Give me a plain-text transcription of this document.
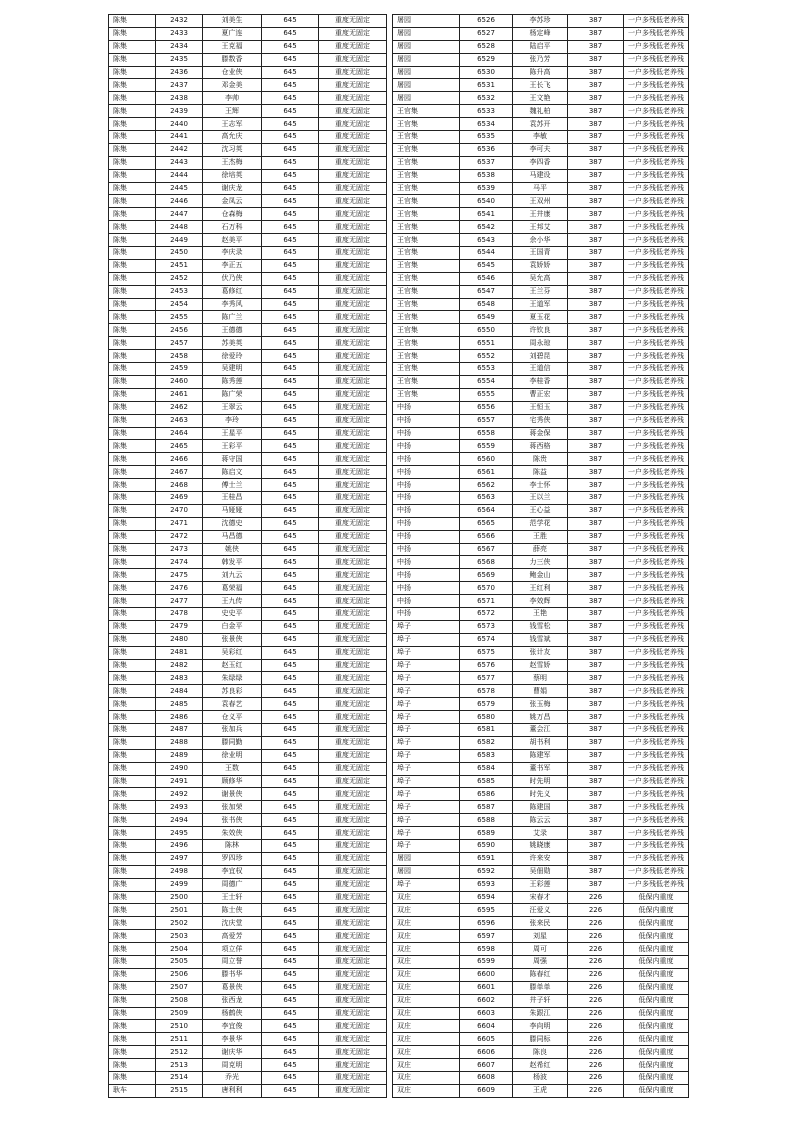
陈集	2432	刘美生	645	重度无固定
陈集	2433	夏广连	645	重度无固定
陈集	2434	王克福	645	重度无固定
陈集	2435	滕数香	645	重度无固定
陈集	2436	仓业侠	645	重度无固定
陈集	2437	邓金美	645	重度无固定
陈集	2438	李帅	645	重度无固定
陈集	2439	王辉	645	重度无固定
陈集	2440	王志军	645	重度无固定
陈集	2441	高允庆	645	重度无固定
陈集	2442	沈习英	645	重度无固定
陈集	2443	王杰梅	645	重度无固定
陈集	2444	徐培英	645	重度无固定
陈集	2445	谢庆龙	645	重度无固定
陈集	2446	金凤云	645	重度无固定
陈集	2447	仓森梅	645	重度无固定
陈集	2448	石万科	645	重度无固定
陈集	2449	赵美平	645	重度无固定
陈集	2450	李庆录	645	重度无固定
陈集	2451	李正五	645	重度无固定
陈集	2452	伏乃侠	645	重度无固定
陈集	2453	葛修红	645	重度无固定
陈集	2454	李秀风	645	重度无固定
陈集	2455	陈广兰	645	重度无固定
陈集	2456	王德德	645	重度无固定
陈集	2457	苏美英	645	重度无固定
陈集	2458	徐爱玲	645	重度无固定
陈集	2459	吴建明	645	重度无固定
陈集	2460	陈秀莲	645	重度无固定
陈集	2461	陈广荣	645	重度无固定
陈集	2462	王翠云	645	重度无固定
陈集	2463	李玲	645	重度无固定
陈集	2464	王星平	645	重度无固定
陈集	2465	王彩平	645	重度无固定
陈集	2466	蒋守国	645	重度无固定
陈集	2467	陈启文	645	重度无固定
陈集	2468	傅士兰	645	重度无固定
陈集	2469	王桂昌	645	重度无固定
陈集	2470	马娅娅	645	重度无固定
陈集	2471	沈德史	645	重度无固定
陈集	2472	马昌德	645	重度无固定
陈集	2473	姚侠	645	重度无固定
陈集	2474	韩发平	645	重度无固定
陈集	2475	刘九云	645	重度无固定
陈集	2476	葛荣福	645	重度无固定
陈集	2477	王九传	645	重度无固定
陈集	2478	史史平	645	重度无固定
陈集	2479	白金平	645	重度无固定
陈集	2480	张景侠	645	重度无固定
陈集	2481	吴彩红	645	重度无固定
陈集	2482	赵玉红	645	重度无固定
陈集	2483	朱绿绿	645	重度无固定
陈集	2484	苏良彩	645	重度无固定
陈集	2485	袁春艺	645	重度无固定
陈集	2486	仓义平	645	重度无固定
陈集	2487	张加兵	645	重度无固定
陈集	2488	滕同勤	645	重度无固定
陈集	2489	徐业明	645	重度无固定
陈集	2490	王数	645	重度无固定
陈集	2491	顾修华	645	重度无固定
陈集	2492	谢景侠	645	重度无固定
陈集	2493	张加荣	645	重度无固定
陈集	2494	张书侠	645	重度无固定
陈集	2495	朱效侠	645	重度无固定
陈集	2496	陈林	645	重度无固定
陈集	2497	罗四珍	645	重度无固定
陈集	2498	李宜权	645	重度无固定
陈集	2499	周德广	645	重度无固定
陈集	2500	王士轩	645	重度无固定
陈集	2501	陈士侠	645	重度无固定
陈集	2502	沈庆堂	645	重度无固定
陈集	2503	高爱芳	645	重度无固定
陈集	2504	项立佯	645	重度无固定
陈集	2505	周立誉	645	重度无固定
陈集	2506	滕书华	645	重度无固定
陈集	2507	葛景侠	645	重度无固定
陈集	2508	张西龙	645	重度无固定
陈集	2509	杨鹤侠	645	重度无固定
陈集	2510	李宜俊	645	重度无固定
陈集	2511	李景华	645	重度无固定
陈集	2512	谢庆华	645	重度无固定
陈集	2513	周克明	645	重度无固定
陈集	2514	乔光	645	重度无固定
耿车	2515	唐利利	645	重度无固定
屠园	6526	李苏珍	387	一户多残低老养残
屠园	6527	杨定峰	387	一户多残低老养残
屠园	6528	陆启平	387	一户多残低老养残
屠园	6529	张乃芳	387	一户多残低老养残
屠园	6530	陈升高	387	一户多残低老养残
屠园	6531	王长飞	387	一户多残低老养残
屠园	6532	王文艳	387	一户多残低老养残
王官集	6533	魏礼柏	387	一户多残低老养残
王官集	6534	袁苏开	387	一户多残低老养残
王官集	6535	李敏	387	一户多残低老养残
王官集	6536	李可夫	387	一户多残低老养残
王官集	6537	李四香	387	一户多残低老养残
王官集	6538	马建设	387	一户多残低老养残
王官集	6539	马平	387	一户多残低老养残
王官集	6540	王双州	387	一户多残低老养残
王官集	6541	王井康	387	一户多残低老养残
王官集	6542	王邦艾	387	一户多残低老养残
王官集	6543	余小华	387	一户多残低老养残
王官集	6544	王国青	387	一户多残低老养残
王官集	6545	袁娇娇	387	一户多残低老养残
王官集	6546	吴允高	387	一户多残低老养残
王官集	6547	王兰芬	387	一户多残低老养残
王官集	6548	王道军	387	一户多残低老养残
王官集	6549	夏玉花	387	一户多残低老养残
王官集	6550	许钦良	387	一户多残低老养残
王官集	6551	周永琼	387	一户多残低老养残
王官集	6552	刘碧昆	387	一户多残低老养残
王官集	6553	王道信	387	一户多残低老养残
王官集	6554	李桂香	387	一户多残低老养残
王官集	6555	曹正宏	387	一户多残低老养残
中扬	6556	王恒玉	387	一户多残低老养残
中扬	6557	宅秀侠	387	一户多残低老养残
中扬	6558	蒋金保	387	一户多残低老养残
中扬	6559	蒋西格	387	一户多残低老养残
中扬	6560	陈贵	387	一户多残低老养残
中扬	6561	陈益	387	一户多残低老养残
中扬	6562	李士怀	387	一户多残低老养残
中扬	6563	王以兰	387	一户多残低老养残
中扬	6564	王心益	387	一户多残低老养残
中扬	6565	范学花	387	一户多残低老养残
中扬	6566	王胜	387	一户多残低老养残
中扬	6567	薛亮	387	一户多残低老养残
中扬	6568	力三侠	387	一户多残低老养残
中扬	6569	鲍金山	387	一户多残低老养残
中扬	6570	王红利	387	一户多残低老养残
中扬	6571	李效辉	387	一户多残低老养残
中扬	6572	王艳	387	一户多残低老养残
埠子	6573	钱雪松	387	一户多残低老养残
埠子	6574	钱雪斌	387	一户多残低老养残
埠子	6575	张计友	387	一户多残低老养残
埠子	6576	赵雪娇	387	一户多残低老养残
埠子	6577	蔡明	387	一户多残低老养残
埠子	6578	曹娟	387	一户多残低老养残
埠子	6579	张玉梅	387	一户多残低老养残
埠子	6580	姚万昌	387	一户多残低老养残
埠子	6581	董会江	387	一户多残低老养残
埠子	6582	胡书利	387	一户多残低老养残
埠子	6583	陈建军	387	一户多残低老养残
埠子	6584	董书军	387	一户多残低老养残
埠子	6585	时先明	387	一户多残低老养残
埠子	6586	时先义	387	一户多残低老养残
埠子	6587	陈建国	387	一户多残低老养残
埠子	6588	陈云云	387	一户多残低老养残
埠子	6589	艾录	387	一户多残低老养残
埠子	6590	姚晓康	387	一户多残低老养残
屠园	6591	许来安	387	一户多残低老养残
屠园	6592	吴佃勋	387	一户多残低老养残
埠子	6593	王彩莲	387	一户多残低老养残
双庄	6594	宋春才	226	低保内重度
双庄	6595	汪爱义	226	低保内重度
双庄	6596	张来民	226	低保内重度
双庄	6597	刘星	226	低保内重度
双庄	6598	周可	226	低保内重度
双庄	6599	周强	226	低保内重度
双庄	6600	陈春红	226	低保内重度
双庄	6601	滕单单	226	低保内重度
双庄	6602	井子轩	226	低保内重度
双庄	6603	朱跟江	226	低保内重度
双庄	6604	李向明	226	低保内重度
双庄	6605	滕同标	226	低保内重度
双庄	6606	陈良	226	低保内重度
双庄	6607	赵希红	226	低保内重度
双庄	6608	杨波	226	低保内重度
双庄	6609	王虎	226	低保内重度
